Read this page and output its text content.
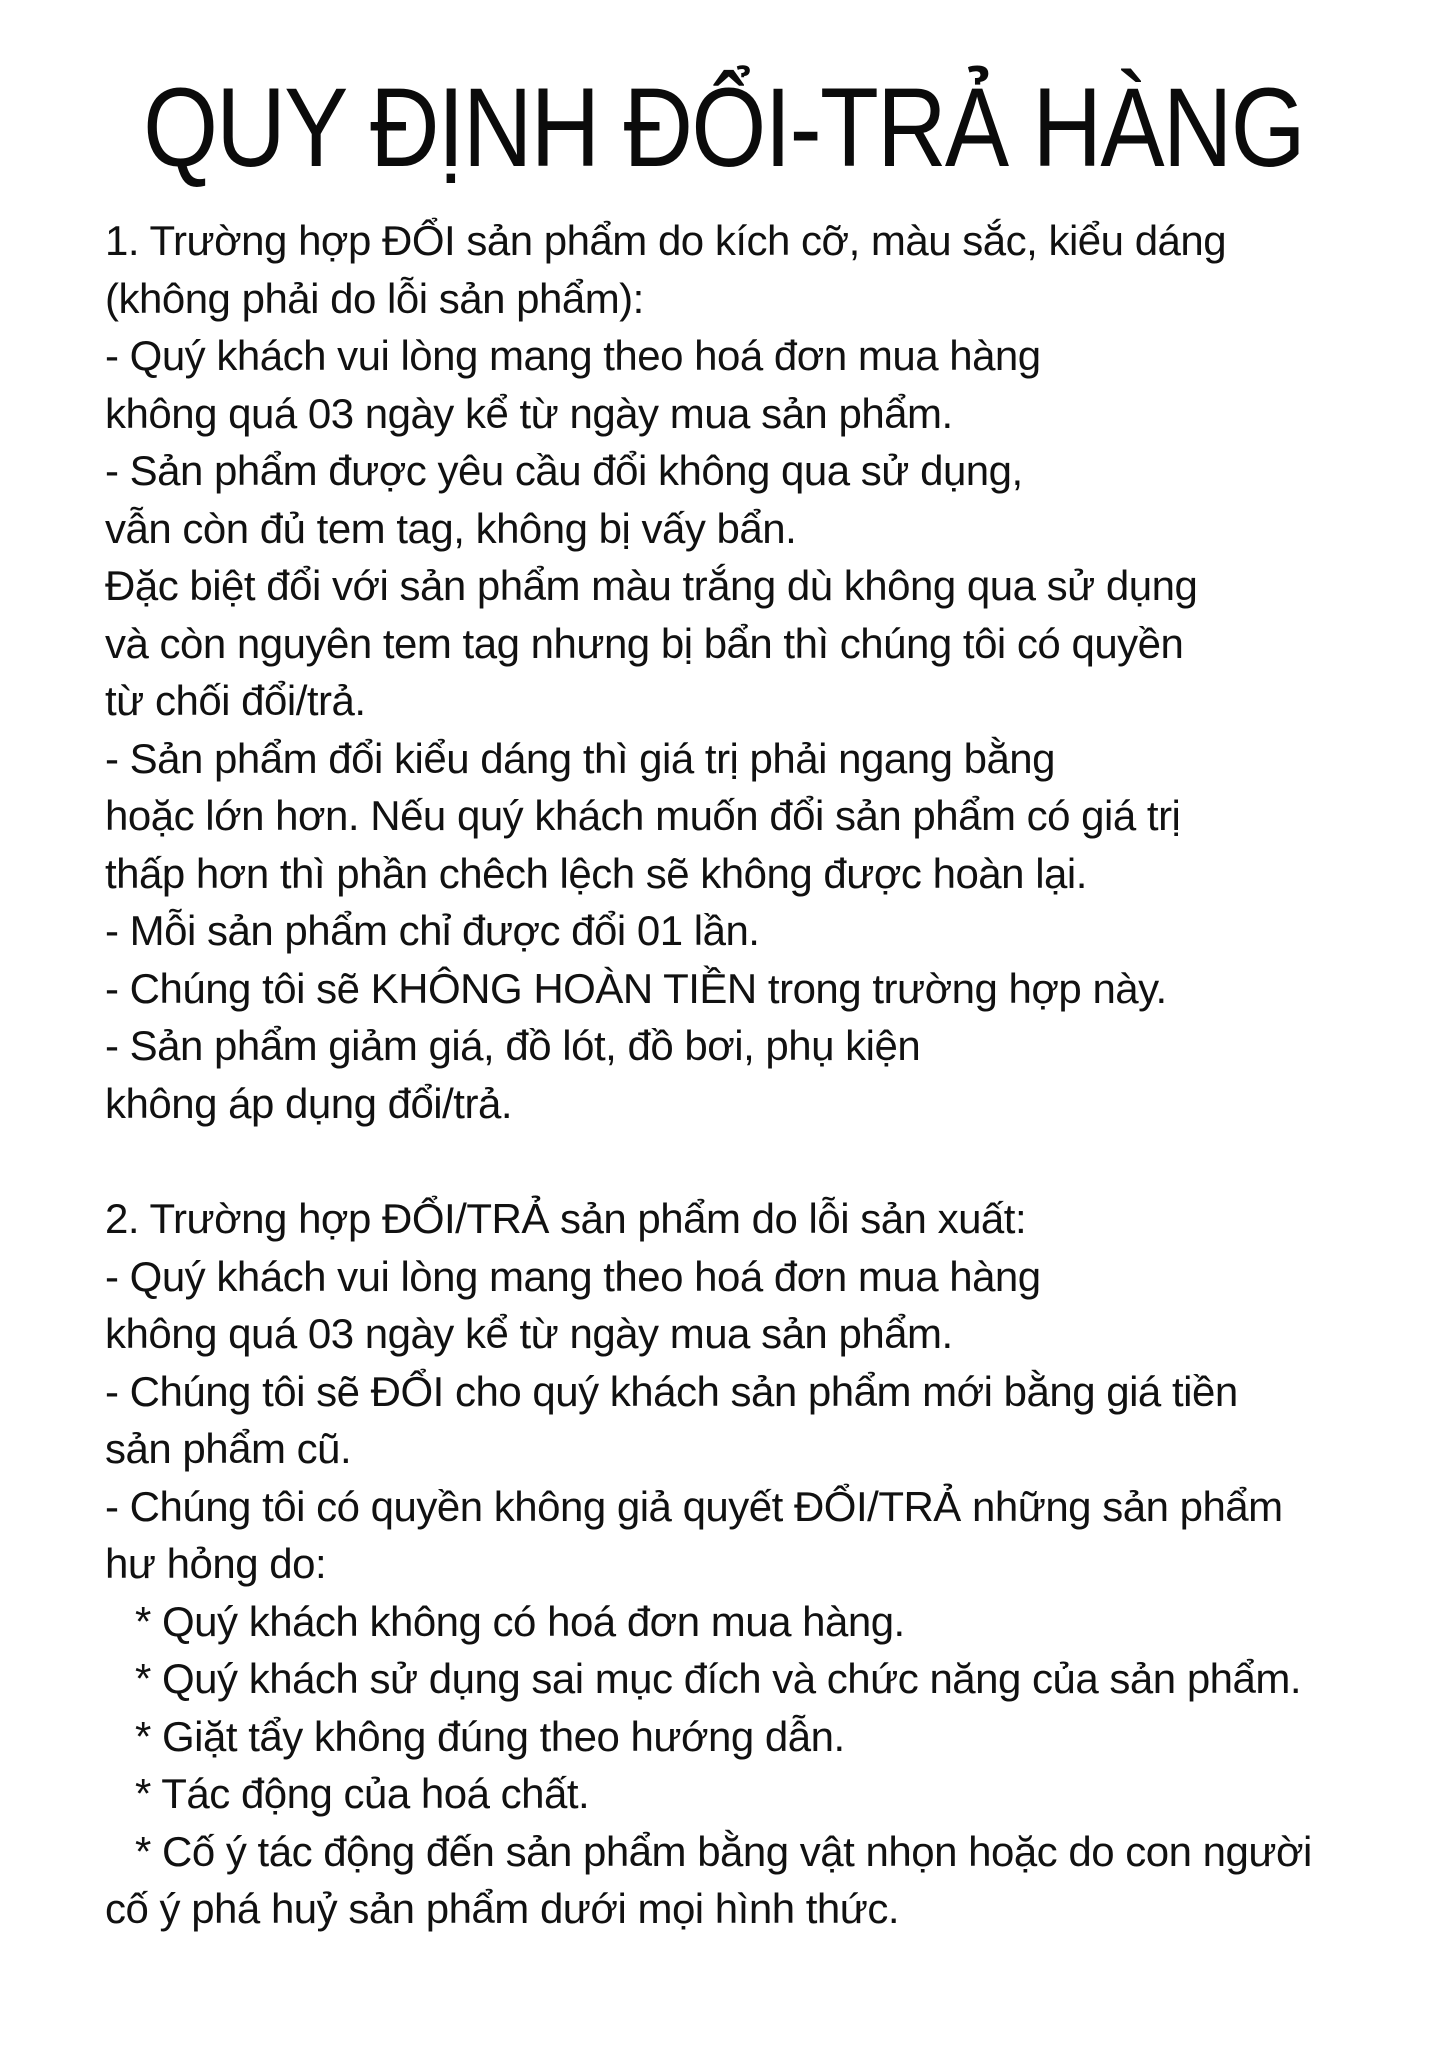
QUY ĐỊNH ĐỔI-TRẢ HÀNG
1. Trường hợp ĐỔI sản phẩm do kích cỡ, màu sắc, kiểu dáng
(không phải do lỗi sản phẩm):
- Quý khách vui lòng mang theo hoá đơn mua hàng
không quá 03 ngày kể từ ngày mua sản phẩm.
- Sản phẩm được yêu cầu đổi không qua sử dụng,
vẫn còn đủ tem tag, không bị vấy bẩn.
Đặc biệt đổi với sản phẩm màu trắng dù không qua sử dụng
và còn nguyên tem tag nhưng bị bẩn thì chúng tôi có quyền
từ chối đổi/trả.
- Sản phẩm đổi kiểu dáng thì giá trị phải ngang bằng
hoặc lớn hơn. Nếu quý khách muốn đổi sản phẩm có giá trị
thấp hơn thì phần chêch lệch sẽ không được hoàn lại.
- Mỗi sản phẩm chỉ được đổi 01 lần.
- Chúng tôi sẽ KHÔNG HOÀN TIỀN trong trường hợp này.
- Sản phẩm giảm giá, đồ lót, đồ bơi, phụ kiện
không áp dụng đổi/trả.
2. Trường hợp ĐỔI/TRẢ sản phẩm do lỗi sản xuất:
- Quý khách vui lòng mang theo hoá đơn mua hàng
không quá 03 ngày kể từ ngày mua sản phẩm.
- Chúng tôi sẽ ĐỔI cho quý khách sản phẩm mới bằng giá tiền
sản phẩm cũ.
- Chúng tôi có quyền không giả quyết ĐỔI/TRẢ những sản phẩm
hư hỏng do:
* Quý khách không có hoá đơn mua hàng.
* Quý khách sử dụng sai mục đích và chức năng của sản phẩm.
* Giặt tẩy không đúng theo hướng dẫn.
* Tác động của hoá chất.
* Cố ý tác động đến sản phẩm bằng vật nhọn hoặc do con người
cố ý phá huỷ sản phẩm dưới mọi hình thức.
